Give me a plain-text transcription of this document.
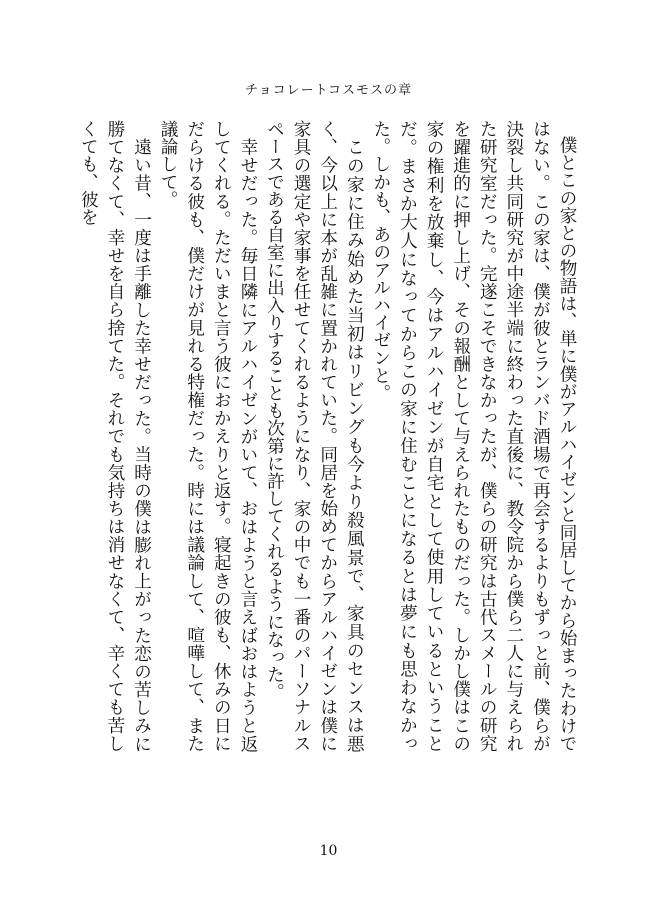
チョコレートコスモスの章

僕とこの家との物語は、単に僕がアルハイゼンと同居してから始まったわけではない。この家は、僕が彼とランバド酒場で再会するよりもずっと前、僕らが決裂し共同研究が中途半端に終わった直後に、教令院から僕ら二人に与えられた研究室だった。完遂こそできなかったが、僕らの研究は古代スメールの研究を躍進的に押し上げ、その報酬として与えられたものだった。しかし僕はこの家の権利を放棄し、今はアルハイゼンが自宅として使用しているということだ。まさか大人になってからこの家に住むことになるとは夢にも思わなかった。しかも、あのアルハイゼンと。

この家に住み始めた当初はリビングも今より殺風景で、家具のセンスは悪く、今以上に本が乱雑に置かれていた。同居を始めてからアルハイゼンは僕に家具の選定や家事を任せてくれるようになり、家の中でも一番のパーソナルスペースである自室に出入りすることも次第に許してくれるようになった。

幸せだった。毎日隣にアルハイゼンがいて、おはようと言えばおはようと返してくれる。ただいまと言う彼におかえりと返す。寝起きの彼も、休みの日にだらける彼も、僕だけが見れる特権だった。時には議論して、喧嘩して、また議論して。

遠い昔、一度は手離した幸せだった。当時の僕は膨れ上がった恋の苦しみに勝てなくて、幸せを自ら捨てた。それでも気持ちは消せなくて、辛くても苦しくても、彼を

10
